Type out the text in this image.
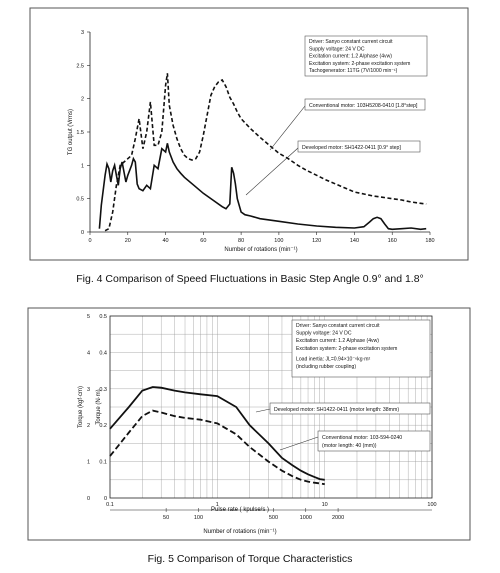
0	20	40	60	80	100	120	140	160	180
0
0.5
1
1.5
2
2.5
3
TG output (Vrms)
Number of rotations (min⁻¹)
Driver: Sanyo constant current circuit
Supply voltage: 24 V DC
Excitation current: 1.2 A/phase (4vw)
Excitation system: 2-phase excitation system
Tachogenerator: 11TG (7V/1000 min⁻¹)
Conventional motor: 103H5208-0410 [1.8°step]
Developed motor: SH1422-0411 [0.9° step]
Fig. 4 Comparison of Speed Fluctuations in Basic Step Angle 0.9° and 1.8°
0.1	1	10	100
50	100	500	1000	2000
0
0
0.1
1
0.2
2
0.3
3
0.4
4
0.5
5
Torque (kgf·cm) Torque (N·m)
Pulse rate ( kpulse/s )
Number of rotations (min⁻¹)
Driver: Sanyo constant current circuit
Supply voltage: 24 V DC
Excitation current: 1.2 A/phase (4vw)
Excitation system: 2-phase excitation system
Load inertia: JL=0.94×10⁻⁶kg·m²
(including rubber coupling)
Developed motor: SH1422-0411 (motor length: 38mm)
Conventional motor: 103-594-0240
(motor length: 40 (mm))
Fig. 5 Comparison of Torque Characteristics
